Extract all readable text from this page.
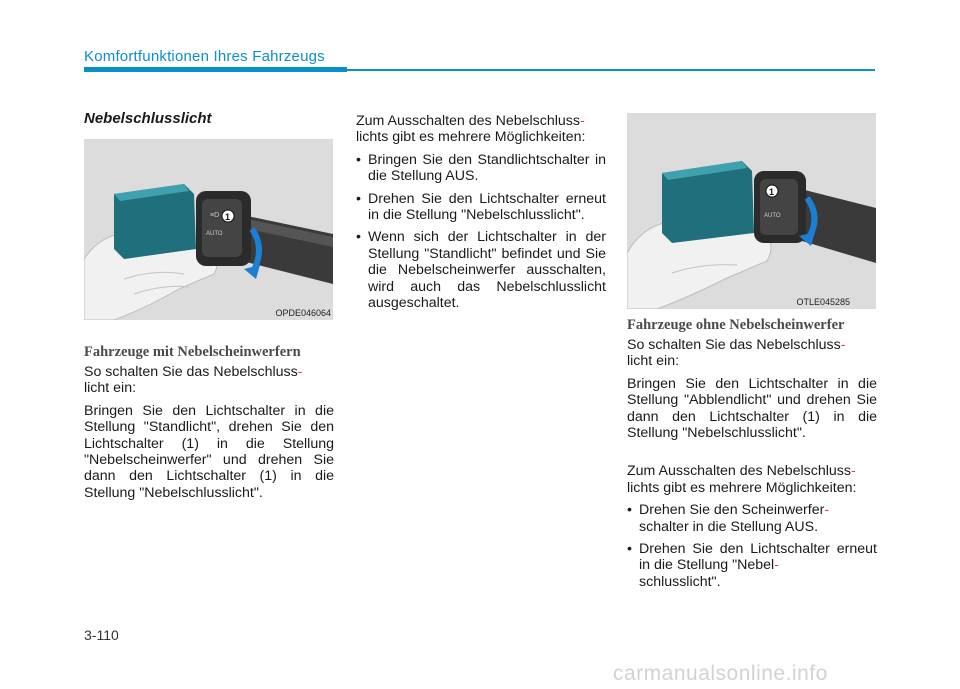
Komfortfunktionen Ihres Fahrzeugs
Nebelschlusslicht
≡D
AUTO
1
OPDE046064
Fahrzeuge mit Nebelscheinwerfern

So schalten Sie das Nebelschluss-
licht ein:

Bringen Sie den Lichtschalter in die Stellung "Standlicht", drehen Sie den Lichtschalter (1) in die Stellung "Nebelscheinwerfer" und drehen Sie dann den Lichtschalter (1) in die Stellung "Nebelschlusslicht".

Zum Ausschalten des Nebelschluss-
lichts gibt es mehrere Möglichkeiten:

• Bringen Sie den Standlichtschalter in die Stellung AUS.

• Drehen Sie den Lichtschalter erneut in die Stellung "Nebelschlusslicht".

• Wenn sich der Lichtschalter in der Stellung "Standlicht" befindet und Sie die Nebelscheinwerfer ausschalten, wird auch das Nebelschlusslicht ausgeschaltet.

AUTO
1
OTLE045285
Fahrzeuge ohne Nebelscheinwerfer

So schalten Sie das Nebelschluss-
licht ein:

Bringen Sie den Lichtschalter in die Stellung "Abblendlicht" und drehen Sie dann den Lichtschalter (1) in die Stellung "Nebelschlusslicht".

Zum Ausschalten des Nebelschluss-
lichts gibt es mehrere Möglichkeiten:

• Drehen Sie den Scheinwerfer-
schalter in die Stellung AUS.

• Drehen Sie den Lichtschalter erneut in die Stellung "Nebel-
schlusslicht".

3-110
carmanualsonline.info
